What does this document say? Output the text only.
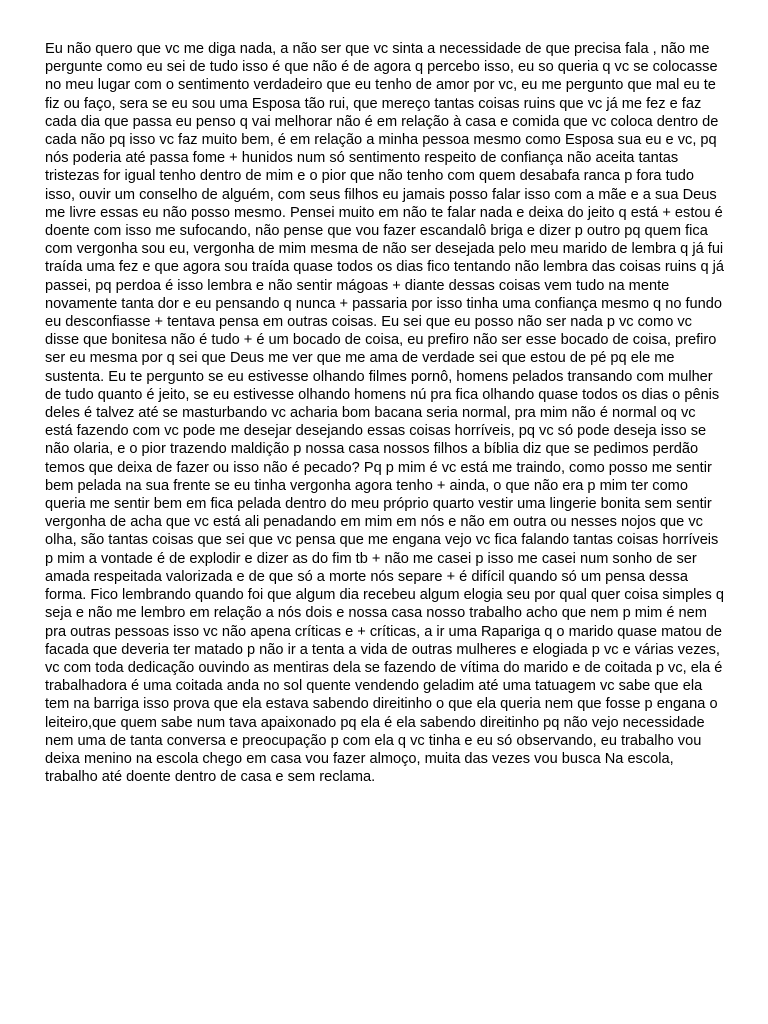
Eu não quero que vc me diga nada, a não ser que vc sinta a necessidade de que precisa fala , não me pergunte como eu sei de tudo isso é que não é de agora q percebo isso, eu so queria q vc se colocasse no meu lugar com o sentimento verdadeiro que eu tenho de amor por vc, eu me pergunto que mal eu te fiz ou faço, sera se eu sou uma Esposa tão rui, que mereço tantas coisas ruins que vc já me fez e faz cada dia que passa eu penso q vai melhorar não é em relação à casa e comida que vc coloca dentro de cada não pq isso vc faz muito bem, é em relação a minha pessoa mesmo como Esposa sua eu e vc, pq nós poderia até passa fome + hunidos num só sentimento respeito de confiança não aceita tantas tristezas for igual tenho dentro de mim e o pior que não tenho com quem desabafa ranca p fora tudo isso, ouvir um conselho de alguém, com seus filhos eu jamais posso falar isso com a mãe e a sua Deus me livre essas eu não posso mesmo. Pensei muito em não te falar nada e deixa do jeito q está + estou é doente com isso me sufocando, não pense que vou fazer escandalô briga e dizer p outro pq quem fica com vergonha sou eu, vergonha de mim mesma de não ser desejada pelo meu marido de lembra q já fui traída uma fez e que agora sou traída quase todos os dias fico tentando não lembra das coisas ruins q já passei, pq perdoa é isso lembra e não sentir mágoas + diante dessas coisas vem tudo na mente novamente tanta dor e eu pensando q nunca + passaria por isso tinha uma confiança mesmo q no fundo eu desconfiasse + tentava pensa em outras coisas. Eu sei que eu posso não ser nada p vc como vc disse que bonitesa não é tudo + é um bocado de coisa, eu prefiro não ser esse bocado de coisa, prefiro ser eu mesma por q sei que Deus me ver que me ama de verdade sei que estou de pé pq ele me sustenta. Eu te pergunto se eu estivesse olhando filmes pornô, homens pelados transando com mulher de tudo quanto é jeito, se eu estivesse olhando homens nú pra fica olhando quase todos os dias o pênis deles é talvez até se masturbando vc acharia bom bacana seria normal, pra mim não é normal oq vc está fazendo com vc pode me desejar desejando essas coisas horríveis, pq vc só pode deseja isso se não olaria, e o pior trazendo maldição p nossa casa nossos filhos a bíblia diz que se pedimos perdão temos que deixa de fazer ou isso não é pecado? Pq p mim é vc está me traindo, como posso me sentir bem pelada na sua frente se eu tinha vergonha agora tenho + ainda, o que não era p mim ter como queria me sentir bem em fica pelada dentro do meu próprio quarto vestir uma lingerie bonita sem sentir vergonha de acha que vc está ali penadando em mim em nós e não em outra ou nesses nojos que vc olha, são tantas coisas que sei que vc pensa que me engana vejo vc fica falando tantas coisas horríveis p mim a vontade é de explodir e dizer as do fim tb + não me casei p isso me casei num sonho de ser amada respeitada valorizada e de que só a morte nós separe + é difícil quando só um pensa dessa forma. Fico lembrando quando foi que algum dia recebeu algum elogia seu por qual quer coisa simples q seja e não me lembro em relação a nós dois e nossa casa nosso trabalho acho que nem p mim é nem pra outras pessoas isso vc não apena críticas e + críticas, a ir uma Rapariga q o marido quase matou de facada que deveria ter matado p não ir a tenta a vida de outras mulheres e elogiada p vc e várias vezes, vc com toda dedicação ouvindo as mentiras dela se fazendo de vítima do marido e de coitada p vc, ela é trabalhadora é uma coitada anda no sol quente vendendo geladim até uma tatuagem vc sabe que ela tem na barriga isso prova que ela estava sabendo direitinho o que ela queria nem que fosse p engana o leiteiro,que quem sabe num tava apaixonado pq ela é ela sabendo direitinho pq não vejo necessidade nem uma de tanta conversa e preocupação p com ela q vc tinha e eu só observando, eu trabalho vou deixa menino na escola chego em casa vou fazer almoço, muita das vezes vou busca Na escola, trabalho até doente dentro de casa e sem reclama.
